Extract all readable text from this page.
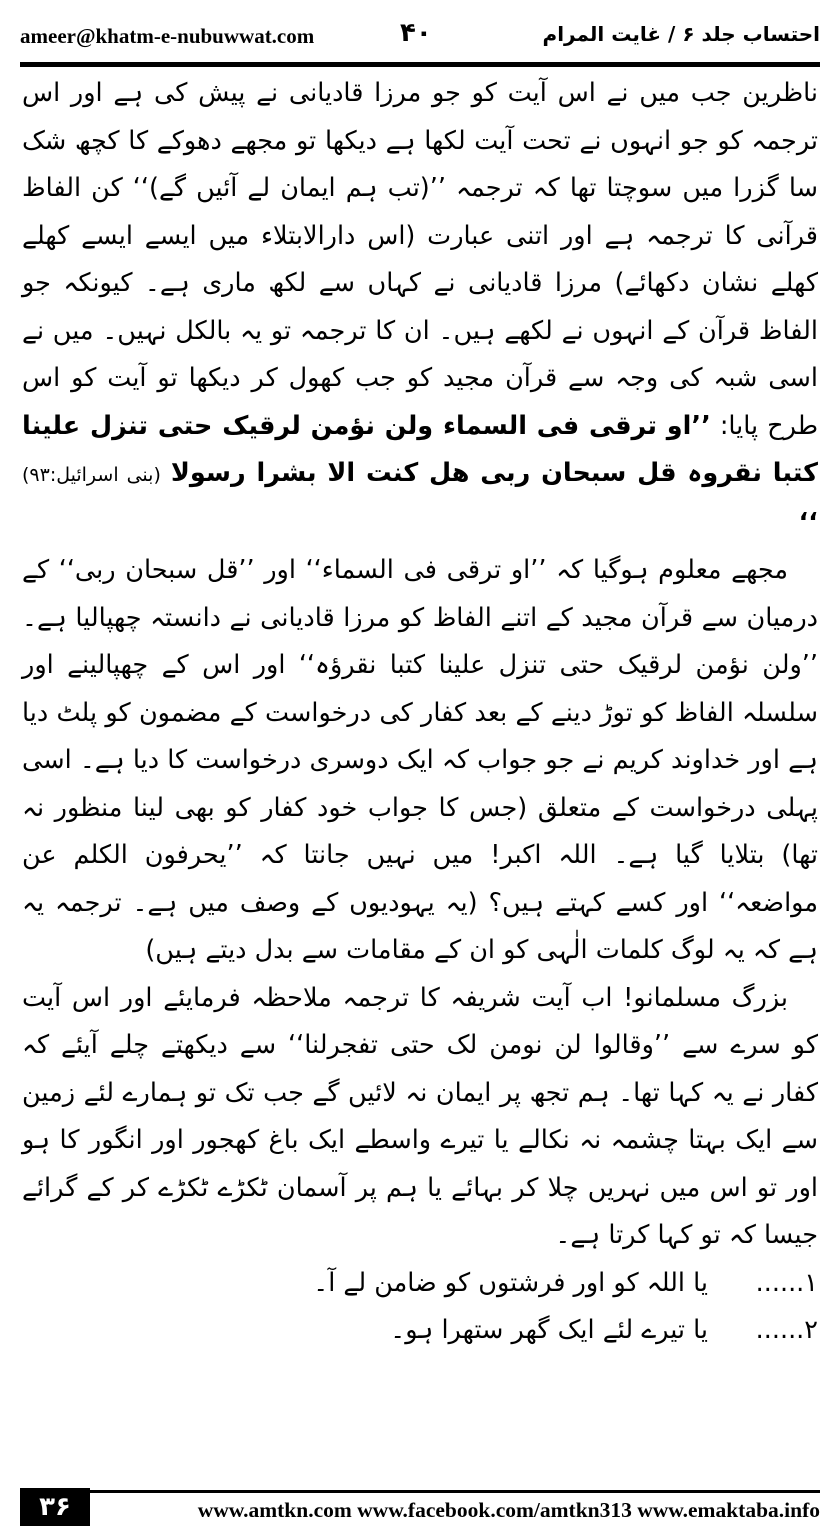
ameer@khatm-e-nubuwwat.com	۴۰	احتساب جلد ۶ / غایت المرام

ناظرین جب میں نے اس آیت کو جو مرزا قادیانی نے پیش کی ہے اور اس ترجمہ کو جو انہوں نے تحت آیت لکھا ہے دیکھا تو مجھے دھوکے کا کچھ شک سا گزرا میں سوچتا تھا کہ ترجمہ ’’(تب ہم ایمان لے آئیں گے)‘‘ کن الفاظ قرآنی کا ترجمہ ہے اور اتنی عبارت (اس دارالابتلاء میں ایسے ایسے کھلے کھلے نشان دکھائے) مرزا قادیانی نے کہاں سے لکھ ماری ہے۔ کیونکہ جو الفاظ قرآن کے انہوں نے لکھے ہیں۔ ان کا ترجمہ تو یہ بالکل نہیں۔ میں نے اسی شبہ کی وجہ سے قرآن مجید کو جب کھول کر دیکھا تو آیت کو اس طرح پایا: ’’او ترقی فی السماء ولن نؤمن لرقیک حتی تنزل علینا کتبا نقروہ قل سبحان ربی هل کنت الا بشرا رسولا (بنی اسرائیل:۹۳) ‘‘

مجھے معلوم ہوگیا کہ ’’او ترقی فی السماء‘‘ اور ’’قل سبحان ربی‘‘ کے درمیان سے قرآن مجید کے اتنے الفاظ کو مرزا قادیانی نے دانستہ چھپالیا ہے۔ ’’ولن نؤمن لرقیک حتی تنزل علینا کتبا نقرؤہ‘‘ اور اس کے چھپالینے اور سلسلہ الفاظ کو توڑ دینے کے بعد کفار کی درخواست کے مضمون کو پلٹ دیا ہے اور خداوند کریم نے جو جواب کہ ایک دوسری درخواست کا دیا ہے۔ اسی پہلی درخواست کے متعلق (جس کا جواب خود کفار کو بھی لینا منظور نہ تھا) بتلایا گیا ہے۔ اللہ اکبر! میں نہیں جانتا کہ ’’یحرفون الکلم عن مواضعہ‘‘ اور کسے کہتے ہیں؟ (یہ یہودیوں کے وصف میں ہے۔ ترجمہ یہ ہے کہ یہ لوگ کلمات الٰہی کو ان کے مقامات سے بدل دیتے ہیں)

بزرگ مسلمانو! اب آیت شریفہ کا ترجمہ ملاحظہ فرمایئے اور اس آیت کو سرے سے ’’وقالوا لن نومن لک حتی تفجرلنا‘‘ سے دیکھتے چلے آیئے کہ کفار نے یہ کہا تھا۔ ہم تجھ پر ایمان نہ لائیں گے جب تک تو ہمارے لئے زمین سے ایک بہتا چشمہ نہ نکالے یا تیرے واسطے ایک باغ کھجور اور انگور کا ہو اور تو اس میں نہریں چلا کر بہائے یا ہم پر آسمان ٹکڑے ٹکڑے کر کے گرائے جیسا کہ تو کہا کرتا ہے۔

۱......
یا اللہ کو اور فرشتوں کو ضامن لے آ۔
۲......
یا تیرے لئے ایک گھر ستھرا ہو۔
۳۶	www.amtkn.com www.facebook.com/amtkn313 www.emaktaba.info
